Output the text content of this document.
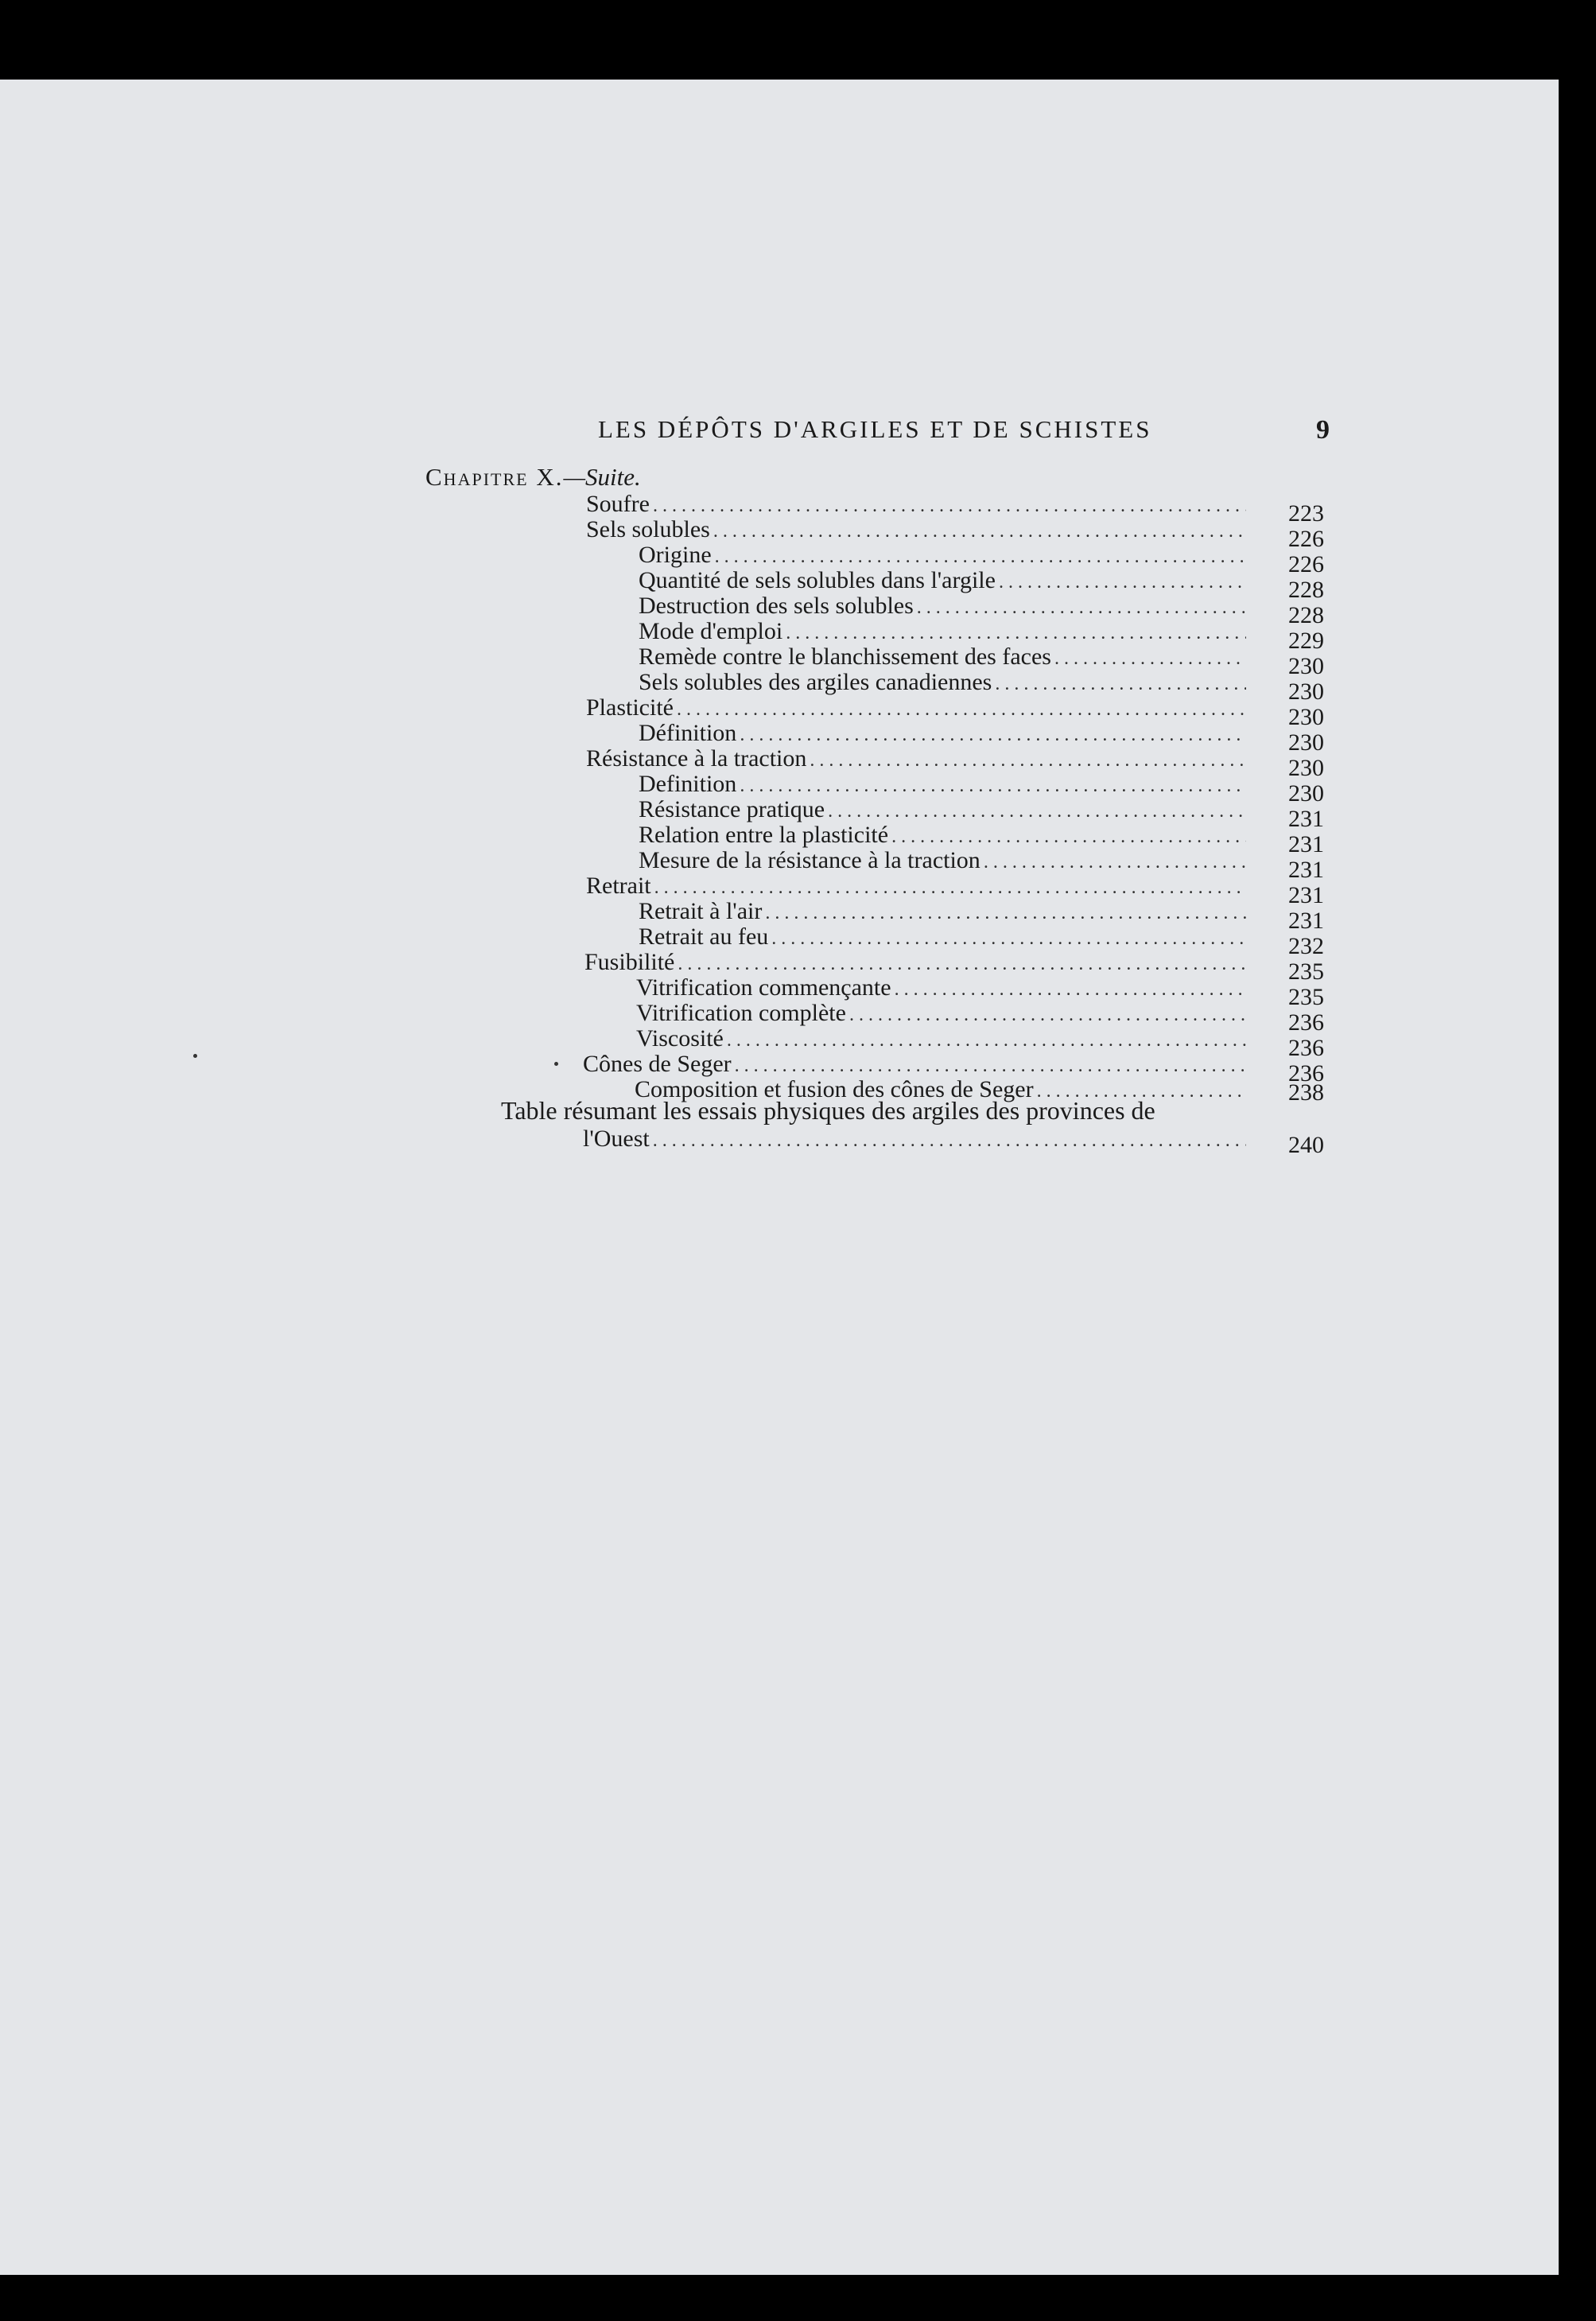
LES DÉPÔTS D'ARGILES ET DE SCHISTES	9
Chapitre X.—Suite.
Soufre .....	223
Sels solubles .....	226
Origine .....	226
Quantité de sels solubles dans l'argile .....	228
Destruction des sels solubles .....	228
Mode d'emploi .....	229
Remède contre le blanchissement des faces .....	230
Sels solubles des argiles canadiennes .....	230
Plasticité .....	230
Définition .....	230
Résistance à la traction .....	230
Definition .....	230
Résistance pratique .....	231
Relation entre la plasticité .....	231
Mesure de la résistance à la traction .....	231
Retrait .....	231
Retrait à l'air .....	231
Retrait au feu .....	232
Fusibilité .....	235
Vitrification commençante .....	235
Vitrification complète .....	236
Viscosité .....	236
Cônes de Seger .....	236
Composition et fusion des cônes de Seger .....	238
Table résumant les essais physiques des argiles des provinces de
l'Ouest .....	240
